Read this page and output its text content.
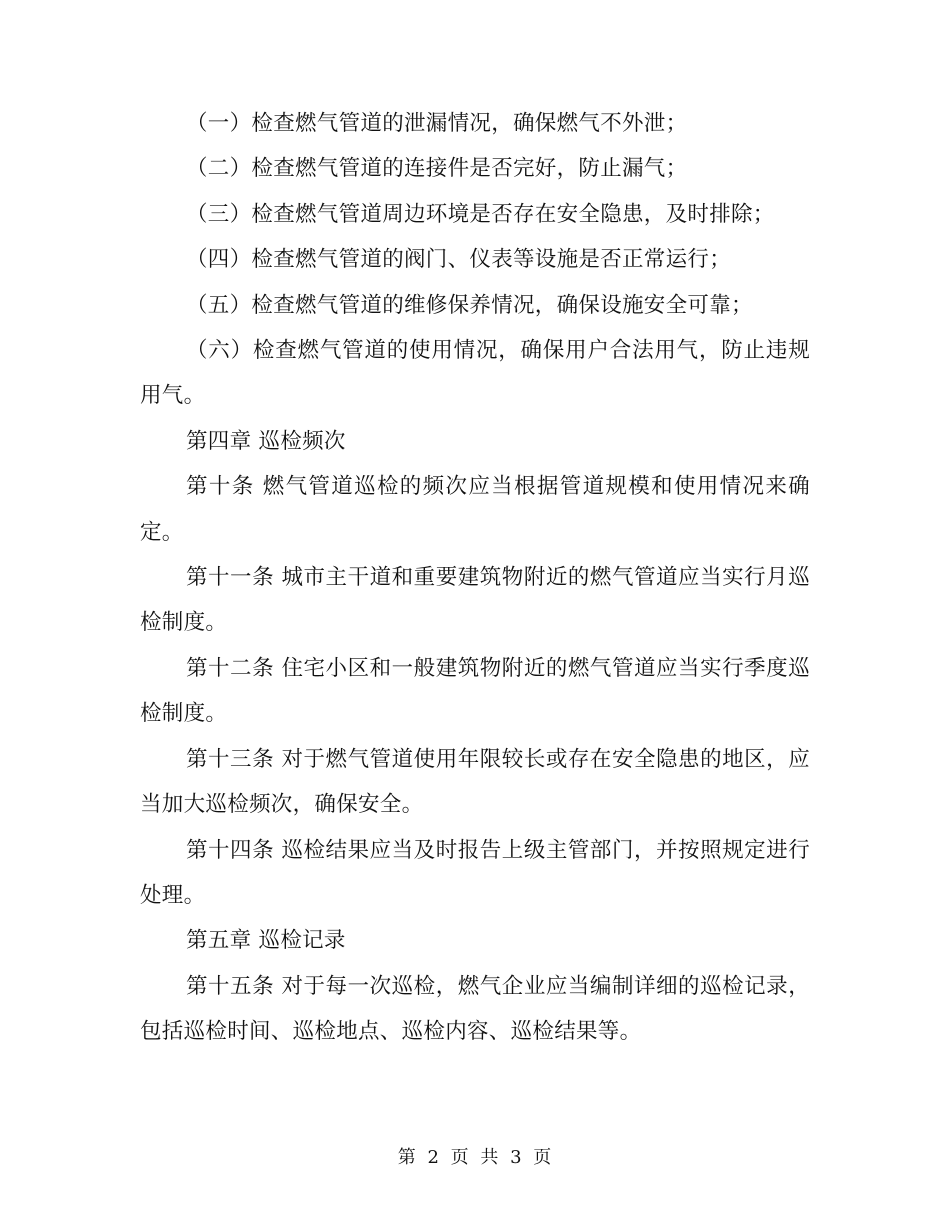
（一）检查燃气管道的泄漏情况，确保燃气不外泄；

（二）检查燃气管道的连接件是否完好，防止漏气；

（三）检查燃气管道周边环境是否存在安全隐患，及时排除；

（四）检查燃气管道的阀门、仪表等设施是否正常运行；

（五）检查燃气管道的维修保养情况，确保设施安全可靠；

（六）检查燃气管道的使用情况，确保用户合法用气，防止违规用气。

第四章 巡检频次

第十条 燃气管道巡检的频次应当根据管道规模和使用情况来确定。

第十一条 城市主干道和重要建筑物附近的燃气管道应当实行月巡检制度。

第十二条 住宅小区和一般建筑物附近的燃气管道应当实行季度巡检制度。

第十三条 对于燃气管道使用年限较长或存在安全隐患的地区，应当加大巡检频次，确保安全。

第十四条 巡检结果应当及时报告上级主管部门，并按照规定进行处理。

第五章 巡检记录

第十五条 对于每一次巡检，燃气企业应当编制详细的巡检记录，包括巡检时间、巡检地点、巡检内容、巡检结果等。

第 2 页 共 3 页
